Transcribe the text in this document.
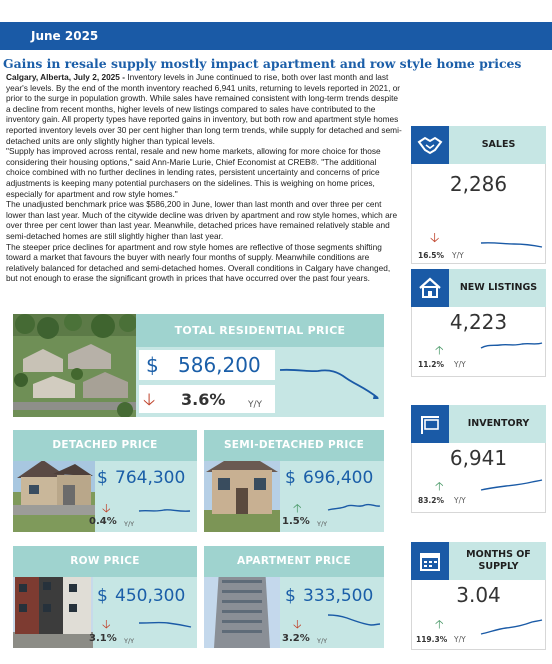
June 2025
Gains in resale supply mostly impact apartment and row style home prices

Calgary, Alberta, July 2, 2025 - Inventory levels in June continued to rise, both over last month and last year's levels. By the end of the month inventory reached 6,941 units, returning to levels reported in 2021, or prior to the surge in population growth. While sales have remained consistent with long-term trends despite a decline from recent months, higher levels of new listings compared to sales have contributed to the inventory gain. All property types have reported gains in inventory, but both row and apartment style homes reported inventory levels over 30 per cent higher than long term trends, while supply for detached and semi-detached units are only slightly higher than typical levels.

"Supply has improved across rental, resale and new home markets, allowing for more choice for those considering their housing options," said Ann-Marie Lurie, Chief Economist at CREB®. "The additional choice combined with no further declines in lending rates, persistent uncertainty and concerns of price adjustments is keeping many potential purchasers on the sidelines. This is weighing on home prices, especially for apartment and row style homes."

The unadjusted benchmark price was $586,200 in June, lower than last month and over three per cent lower than last year. Much of the citywide decline was driven by apartment and row style homes, which are over three per cent lower than last year. Meanwhile, detached prices have remained relatively stable and semi-detached homes are still slightly higher than last year.

The steeper price declines for apartment and row style homes are reflective of those segments shifting toward a market that favours the buyer with nearly four months of supply. Meanwhile conditions are relatively balanced for detached and semi-detached homes. Overall conditions in Calgary have changed, but not enough to erase the significant growth in prices that have occurred over the past four years.

TOTAL RESIDENTIAL PRICE
$ 586,200
🡣 3.6%	Y/Y
DETACHED PRICE
$ 764,300
🡣
0.4% Y/Y
SEMI-DETACHED PRICE
$ 696,400
🡡
1.5% Y/Y
ROW PRICE
$ 450,300
🡣
3.1% Y/Y
APARTMENT PRICE
$ 333,500
🡣
3.2% Y/Y
SALES
2,286
🡣
16.5% Y/Y
NEW LISTINGS
4,223
🡡
11.2% Y/Y
INVENTORY
6,941
🡡
83.2% Y/Y
MONTHS OF SUPPLY
3.04
🡡
119.3% Y/Y
